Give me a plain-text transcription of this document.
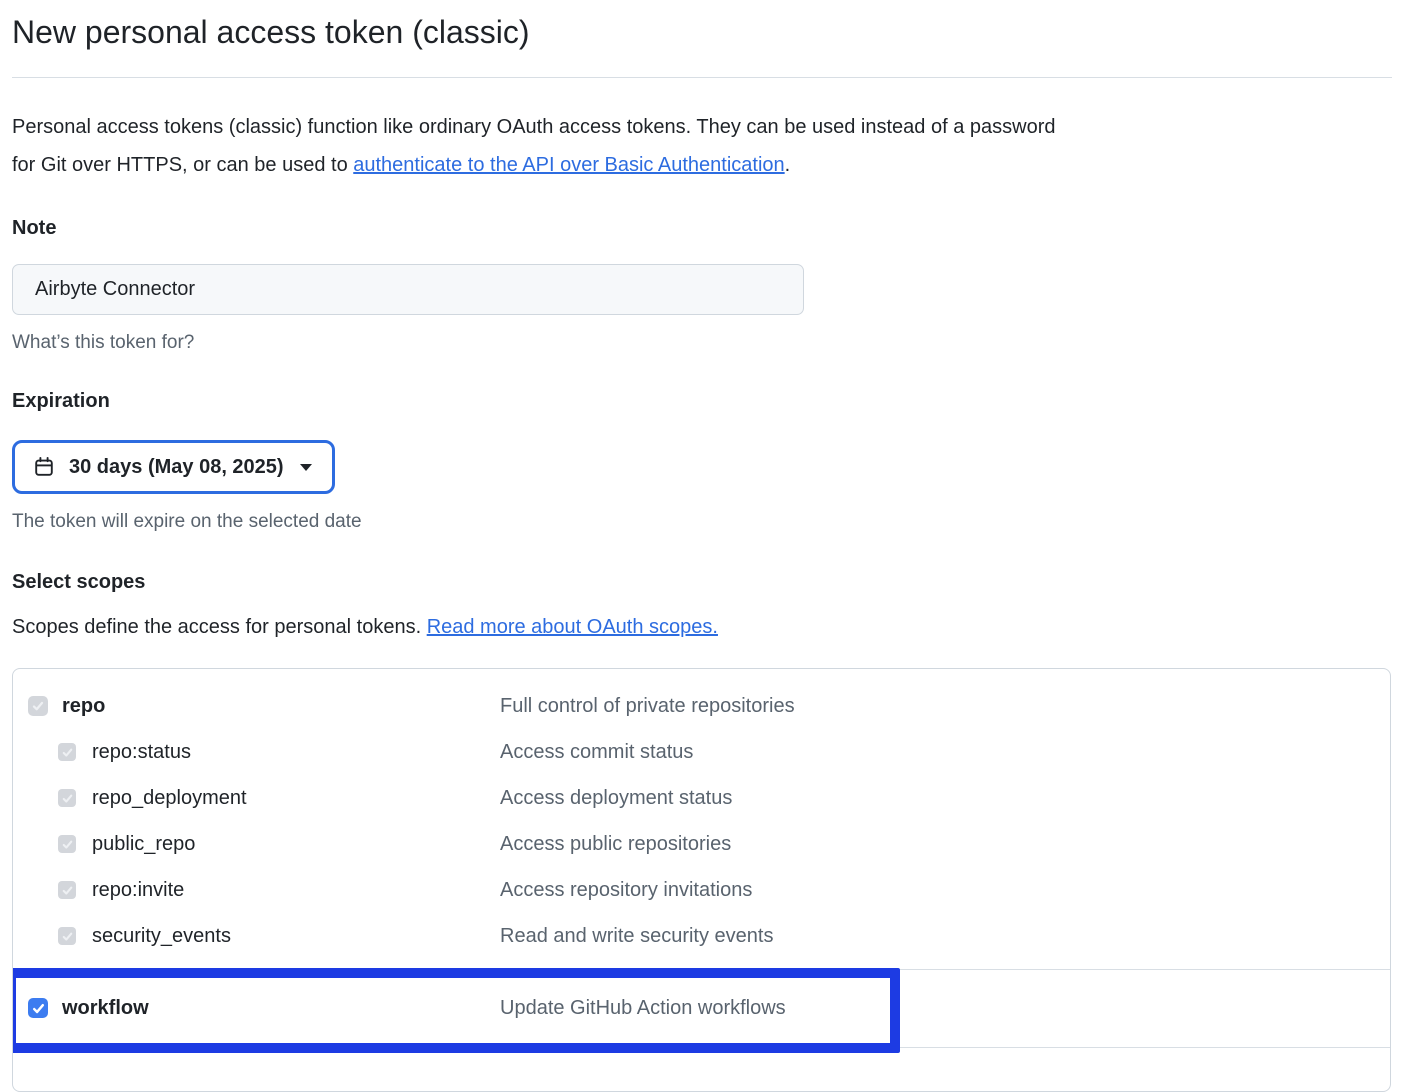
New personal access token (classic)

Personal access tokens (classic) function like ordinary OAuth access tokens. They can be used instead of a password
for Git over HTTPS, or can be used to authenticate to the API over Basic Authentication.

Note
Airbyte Connector
What’s this token for?
Expiration
30 days (May 08, 2025)
The token will expire on the selected date
Select scopes

Scopes define the access for personal tokens. Read more about OAuth scopes.

repo	Full control of private repositories
repo:status	Access commit status
repo_deployment	Access deployment status
public_repo	Access public repositories
repo:invite	Access repository invitations
security_events	Read and write security events
workflow	Update GitHub Action workflows
